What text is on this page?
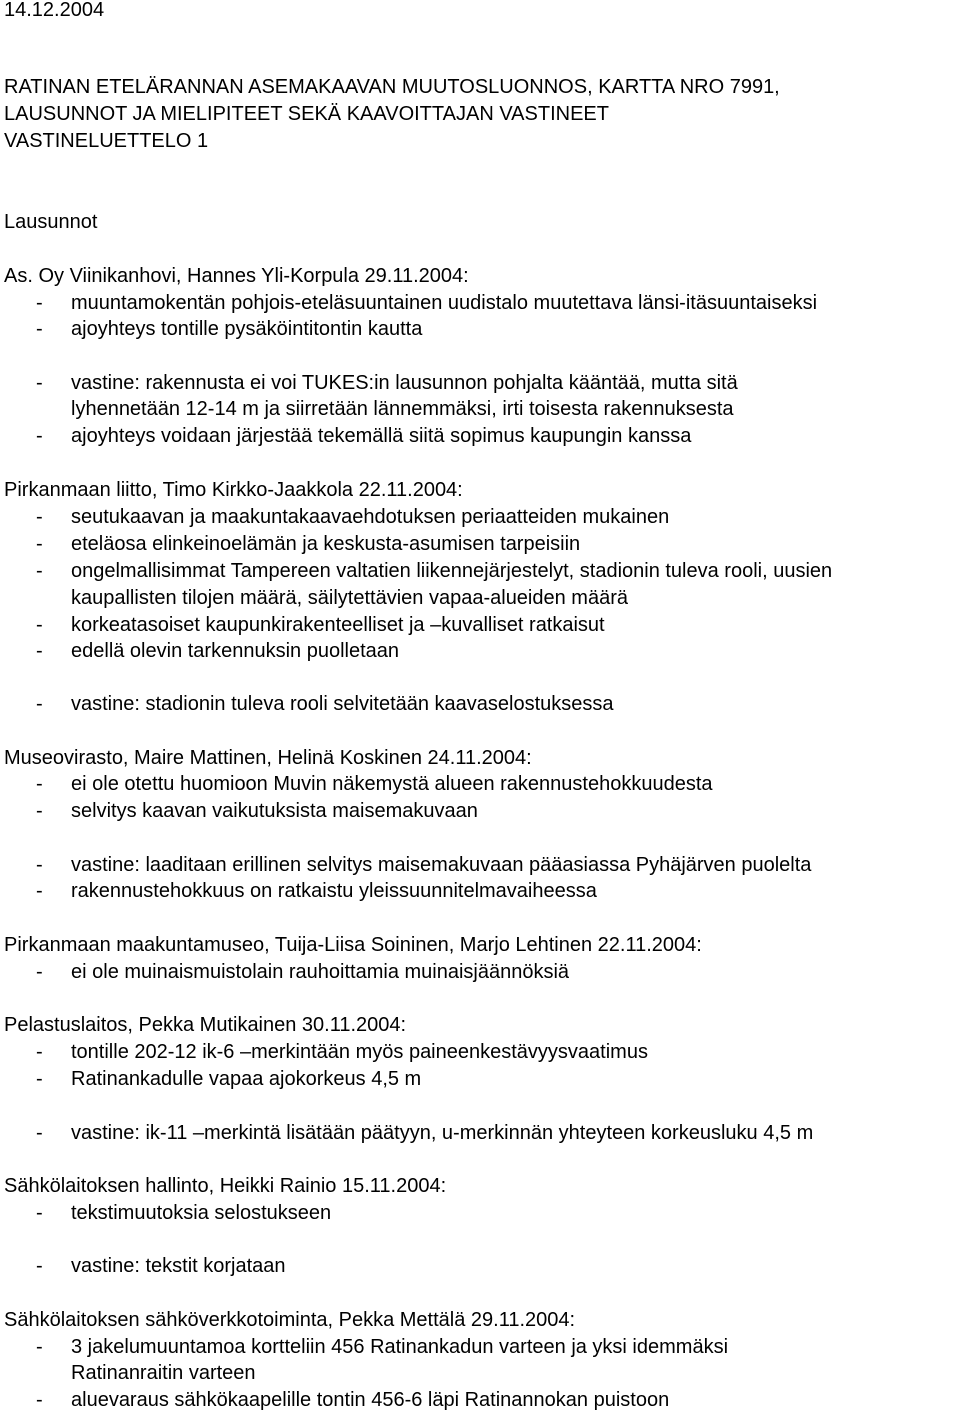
14.12.2004
RATINAN ETELÄRANNAN ASEMAKAAVAN MUUTOSLUONNOS, KARTTA NRO 7991,
LAUSUNNOT JA MIELIPITEET SEKÄ KAAVOITTAJAN VASTINEET
VASTINELUETTELO 1
Lausunnot
As. Oy Viinikanhovi, Hannes Yli-Korpula 29.11.2004:
- muuntamokentän pohjois-eteläsuuntainen uudistalo muutettava länsi-itäsuuntaiseksi
- ajoyhteys tontille pysäköintitontin kautta
- vastine: rakennusta ei voi TUKES:in lausunnon pohjalta kääntää, mutta sitä
lyhennetään 12-14 m ja siirretään lännemmäksi, irti toisesta rakennuksesta
- ajoyhteys voidaan järjestää tekemällä siitä sopimus kaupungin kanssa
Pirkanmaan liitto, Timo Kirkko-Jaakkola 22.11.2004:
- seutukaavan ja maakuntakaavaehdotuksen periaatteiden mukainen
- eteläosa elinkeinoelämän ja keskusta-asumisen tarpeisiin
- ongelmallisimmat Tampereen valtatien liikennejärjestelyt, stadionin tuleva rooli, uusien
kaupallisten tilojen määrä, säilytettävien vapaa-alueiden määrä
- korkeatasoiset kaupunkirakenteelliset ja –kuvalliset ratkaisut
- edellä olevin tarkennuksin puolletaan
- vastine: stadionin tuleva rooli selvitetään kaavaselostuksessa
Museovirasto, Maire Mattinen, Helinä Koskinen 24.11.2004:
- ei ole otettu huomioon Muvin näkemystä alueen rakennustehokkuudesta
- selvitys kaavan vaikutuksista maisemakuvaan
- vastine: laaditaan erillinen selvitys maisemakuvaan pääasiassa Pyhäjärven puolelta
- rakennustehokkuus on ratkaistu yleissuunnitelmavaiheessa
Pirkanmaan maakuntamuseo, Tuija-Liisa Soininen, Marjo Lehtinen 22.11.2004:
- ei ole muinaismuistolain rauhoittamia muinaisjäännöksiä
Pelastuslaitos, Pekka Mutikainen 30.11.2004:
- tontille 202-12 ik-6 –merkintään myös paineenkestävyysvaatimus
- Ratinankadulle vapaa ajokorkeus 4,5 m
- vastine: ik-11 –merkintä lisätään päätyyn, u-merkinnän yhteyteen korkeusluku 4,5 m
Sähkölaitoksen hallinto, Heikki Rainio 15.11.2004:
- tekstimuutoksia selostukseen
- vastine: tekstit korjataan
Sähkölaitoksen sähköverkkotoiminta, Pekka Mettälä 29.11.2004:
- 3 jakelumuuntamoa kortteliin 456 Ratinankadun varteen ja yksi idemmäksi
Ratinanraitin varteen
- aluevaraus sähkökaapelille tontin 456-6 läpi Ratinannokan puistoon
